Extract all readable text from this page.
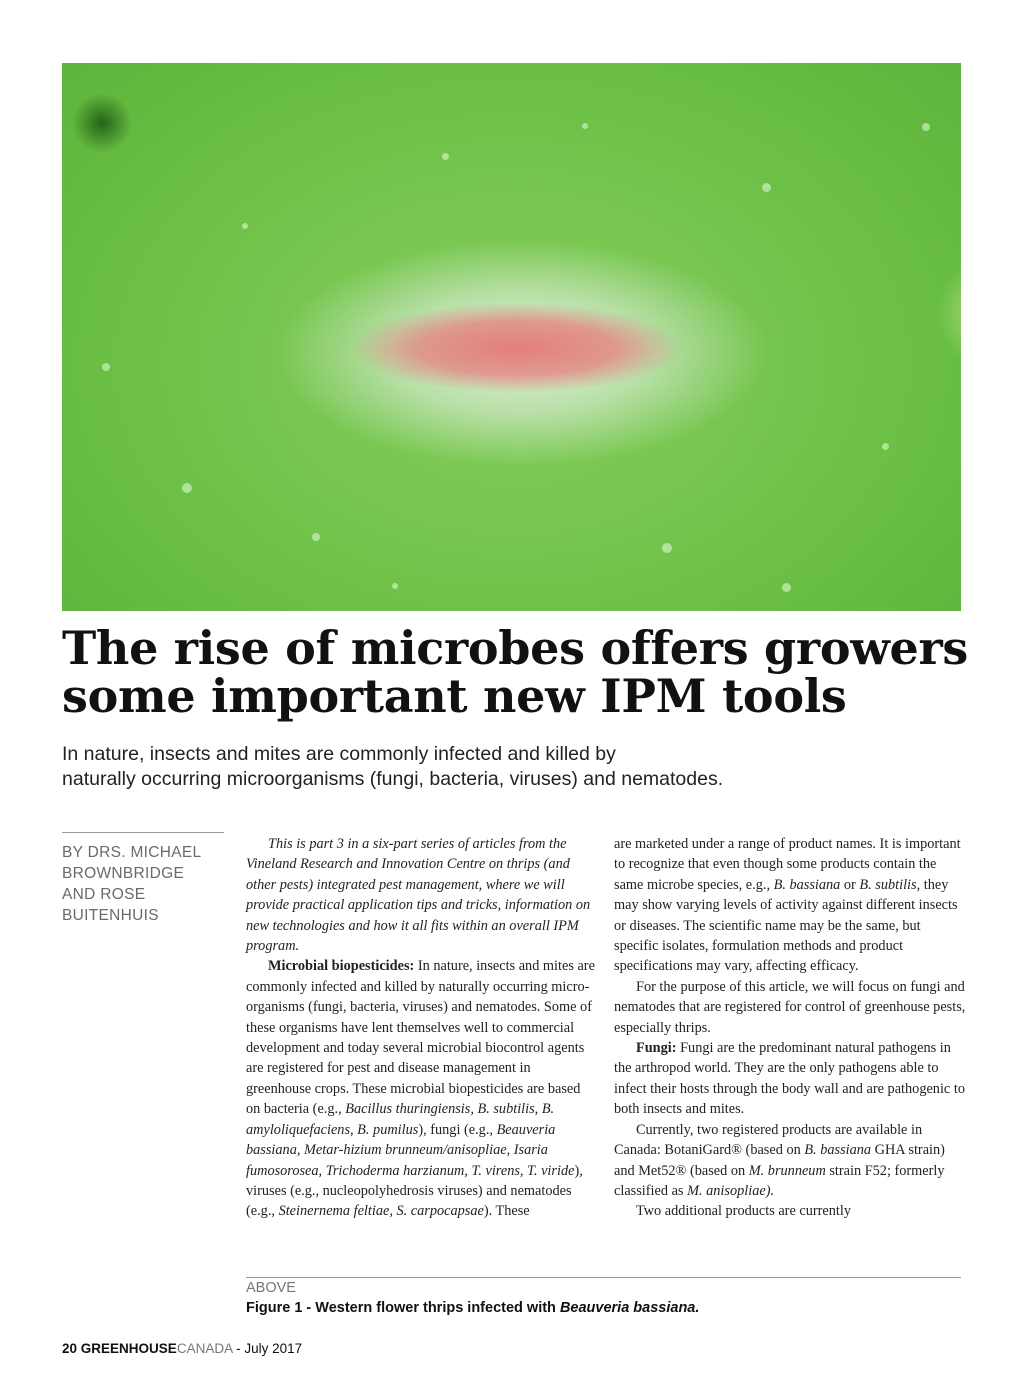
The rise of microbes offers growers
some important new IPM tools

In nature, insects and mites are commonly infected and killed by
naturally occurring microorganisms (fungi, bacteria, viruses) and nematodes.

BY DRS. MICHAEL
BROWNBRIDGE
AND ROSE
BUITENHUIS

This is part 3 in a six-part series of articles from the Vineland Research and Innovation Centre on thrips (and other pests) integrated pest management, where we will provide practical application tips and tricks, information on new technologies and how it all fits within an overall IPM program.

Microbial biopesticides: In nature, insects and mites are commonly infected and killed by naturally occurring micro-organisms (fungi, bacteria, viruses) and nematodes. Some of these organisms have lent themselves well to commercial development and today several microbial biocontrol agents are registered for pest and disease management in greenhouse crops. These microbial biopesticides are based on bacteria (e.g., Bacillus thuringiensis, B. subtilis, B. amyloliquefaciens, B. pumilus), fungi (e.g., Beauveria bassiana, Metar-hizium brunneum/anisopliae, Isaria fumosorosea, Trichoderma harzianum, T. virens, T. viride), viruses (e.g., nucleopolyhedrosis viruses) and nematodes (e.g., Steinernema feltiae, S. carpocapsae). These

are marketed under a range of product names. It is important to recognize that even though some products contain the same microbe species, e.g., B. bassiana or B. subtilis, they may show varying levels of activity against different insects or diseases. The scientific name may be the same, but specific isolates, formulation methods and product specifications may vary, affecting efficacy.

For the purpose of this article, we will focus on fungi and nematodes that are registered for control of greenhouse pests, especially thrips.

Fungi: Fungi are the predominant natural pathogens in the arthropod world. They are the only pathogens able to infect their hosts through the body wall and are pathogenic to both insects and mites.

Currently, two registered products are available in Canada: BotaniGard® (based on B. bassiana GHA strain) and Met52® (based on M. brunneum strain F52; formerly classified as M. anisopliae).

Two additional products are currently

ABOVE
Figure 1 - Western flower thrips infected with Beauveria bassiana.
20 GREENHOUSECANADA - July 2017
